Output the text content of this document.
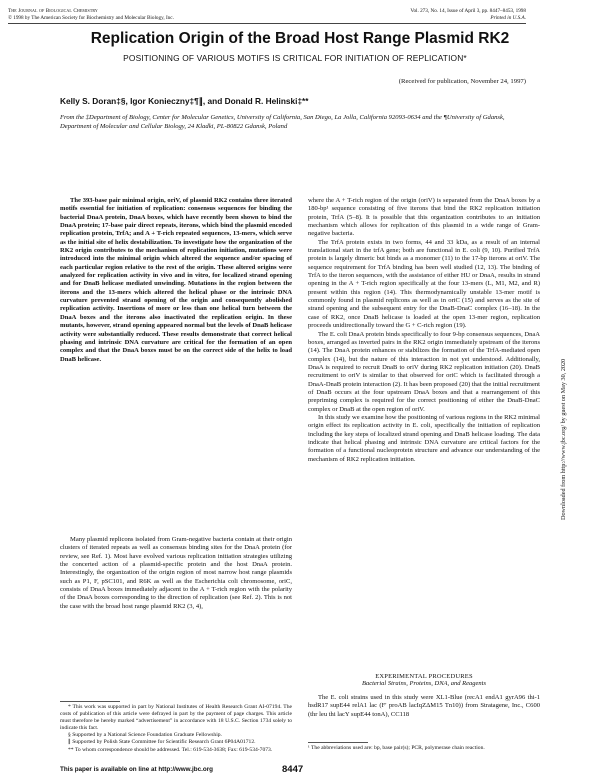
The Journal of Biological Chemistry
© 1998 by The American Society for Biochemistry and Molecular Biology, Inc.
Vol. 273, No. 14, Issue of April 3, pp. 8447–8453, 1998
Printed in U.S.A.
Replication Origin of the Broad Host Range Plasmid RK2
POSITIONING OF VARIOUS MOTIFS IS CRITICAL FOR INITIATION OF REPLICATION*
(Received for publication, November 24, 1997)
Kelly S. Doran‡§, Igor Konieczny‡¶∥, and Donald R. Helinski‡**
From the ‡Department of Biology, Center for Molecular Genetics, University of California, San Diego, La Jolla, California 92093-0634 and the ¶University of Gdansk, Department of Molecular and Cellular Biology, 24 Kladki, PL-80822 Gdansk, Poland
The 393-base pair minimal origin, oriV, of plasmid RK2 contains three iterated motifs essential for initiation of replication: consensus sequences for binding the bacterial DnaA protein, DnaA boxes, which have recently been shown to bind the DnaA protein; 17-base pair direct repeats, iterons, which bind the plasmid encoded replication protein, TrfA; and A + T-rich repeated sequences, 13-mers, which serve as the initial site of helix destabilization. To investigate how the organization of the RK2 origin contributes to the mechanism of replication initiation, mutations were introduced into the minimal origin which altered the sequence and/or spacing of each particular region relative to the rest of the origin. These altered origins were analyzed for replication activity in vivo and in vitro, for localized strand opening and for DnaB helicase mediated unwinding. Mutations in the region between the iterons and the 13-mers which altered the helical phase or the intrinsic DNA curvature prevented strand opening of the origin and consequently abolished replication activity. Insertions of more or less than one helical turn between the DnaA boxes and the iterons also inactivated the replication origin. In these mutants, however, strand opening appeared normal but the levels of DnaB helicase activity were substantially reduced. These results demonstrate that correct helical phasing and intrinsic DNA curvature are critical for the formation of an open complex and that the DnaA boxes must be on the correct side of the helix to load DnaB helicase.
Many plasmid replicons isolated from Gram-negative bacteria contain at their origin clusters of iterated repeats as well as consensus binding sites for the DnaA protein (for review, see Ref. 1). Most have evolved various replication initiation strategies utilizing the concerted action of a plasmid-specific protein and the host DnaA protein. Interestingly, the organization of the origin region of most narrow host range plasmids such as P1, F, pSC101, and R6K as well as the Escherichia coli chromosome, oriC, consists of DnaA boxes immediately adjacent to the A + T-rich region with the polarity of the DnaA boxes corresponding to the direction of replication (see Ref. 2). This is not the case with the broad host range plasmid RK2 (3, 4),

where the A + T-rich region of the origin (oriV) is separated from the DnaA boxes by a 180-bp¹ sequence consisting of five iterons that bind the RK2 replication initiation protein, TrfA (5–8). It is possible that this organization contributes to an initiation mechanism which allows for replication of this plasmid in a wide range of Gram-negative bacteria.

The TrfA protein exists in two forms, 44 and 33 kDa, as a result of an internal translational start in the trfA gene; both are functional in E. coli (9, 10). Purified TrfA protein is largely dimeric but binds as a monomer (11) to the 17-bp iterons at oriV. The sequence requirement for TrfA binding has been well studied (12, 13). The binding of TrfA to the iteron sequences, with the assistance of either HU or DnaA, results in strand opening in the A + T-rich region specifically at the four 13-mers (L, M1, M2, and R) present within this region (14). This thermodynamically unstable 13-mer motif is commonly found in plasmid replicons as well as in oriC (15) and serves as the site of strand opening and the subsequent entry for the DnaB-DnaC complex (16–18). In the case of RK2, once DnaB helicase is loaded at the open 13-mer region, replication proceeds unidirectionally toward the G + C-rich region (19).

The E. coli DnaA protein binds specifically to four 9-bp consensus sequences, DnaA boxes, arranged as inverted pairs in the RK2 origin immediately upstream of the iterons (14). The DnaA protein enhances or stabilizes the formation of the TrfA-mediated open complex (14), but the nature of this interaction in not yet understood. Additionally, DnaA is required to recruit DnaB to oriV during RK2 replication initiation (20). DnaB recruitment to oriV is similar to that observed for oriC which is facilitated through a DnaA-DnaB protein interaction (2). It has been proposed (20) that the initial recruitment of DnaB occurs at the four upstream DnaA boxes and that a rearrangement of this prepriming complex is required for the correct positioning of either the DnaB-DnaC complex or DnaB at the open region of oriV.

In this study we examine how the positioning of various regions in the RK2 minimal origin effect its replication activity in E. coli, specifically the initiation of replication including the key steps of localized strand opening and DnaB helicase loading. The data indicate that helical phasing and intrinsic DNA curvature are critical factors for the formation of a functional nucleoprotein structure and advance our understanding of the mechanism of RK2 replication initiation.

EXPERIMENTAL PROCEDURES
Bacterial Strains, Proteins, DNA, and Reagents
The E. coli strains used in this study were XL1-Blue (recA1 endA1 gyrA96 thi-1 hsdR17 supE44 relA1 lac (F′ proAB lacIqZΔM15 Tn10)) from Stratagene, Inc., C600 (thr leu thi lacY supE44 tonA), CC118

* This work was supported in part by National Institutes of Health Research Grant AI-07194. The costs of publication of this article were defrayed in part by the payment of page charges. This article must therefore be hereby marked “advertisement” in accordance with 18 U.S.C. Section 1734 solely to indicate this fact.

§ Supported by a National Science Foundation Graduate Fellowship.

∥ Supported by Polish State Committee for Scientific Research Grant 6P04A01712.

** To whom correspondence should be addressed. Tel.: 619-534-3638; Fax: 619-534-7073.	¹ The abbreviations used are: bp, base pair(s); PCR, polymerase chain reaction.
This paper is available on line at http://www.jbc.org	8447
Downloaded from http://www.jbc.org/ by guest on May 30, 2020
